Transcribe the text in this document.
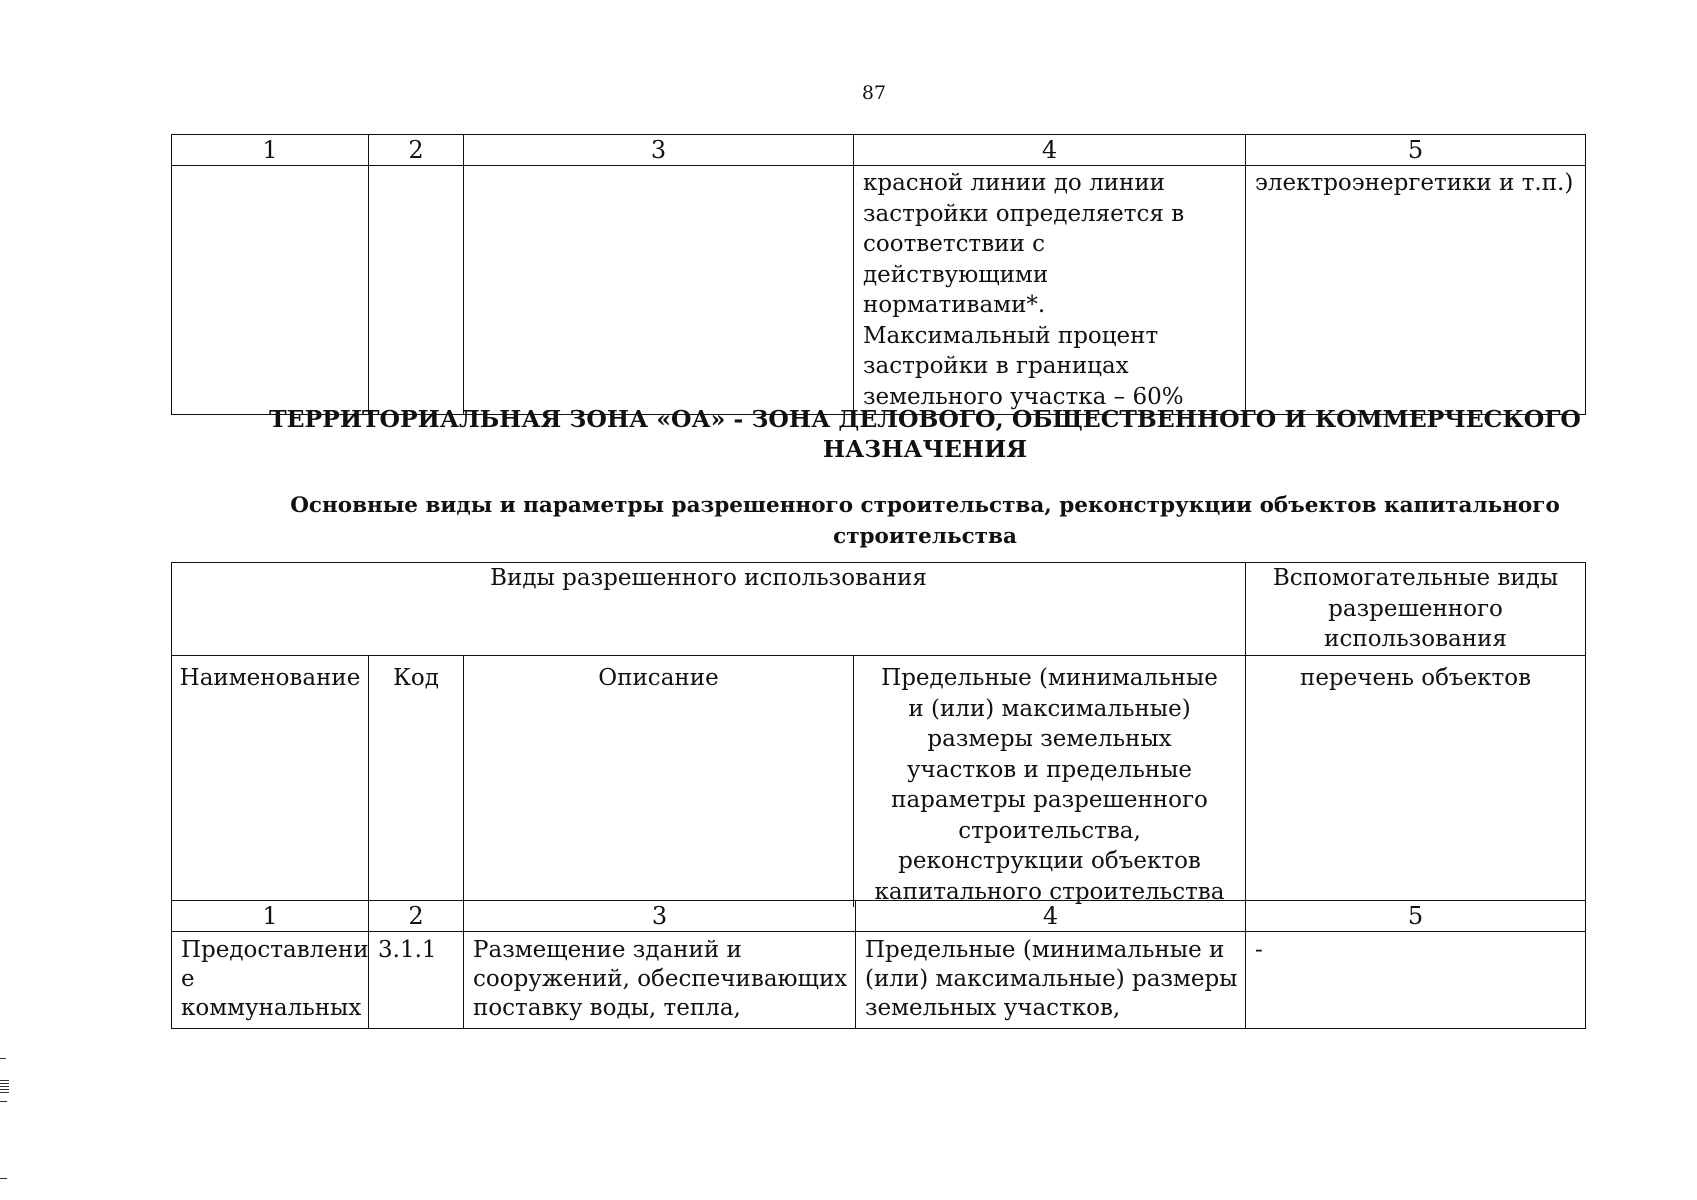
87
1	2	3	4	5

			красной линии до линии застройки определяется в соответствии с действующими нормативами*.
Максимальный процент застройки в границах земельного участка – 60%	электроэнергетики и т.п.)
ТЕРРИТОРИАЛЬНАЯ ЗОНА «ОА» - ЗОНА ДЕЛОВОГО, ОБЩЕСТВЕННОГО И КОММЕРЧЕСКОГО НАЗНАЧЕНИЯ
Основные виды и параметры разрешенного строительства, реконструкции объектов капитального строительства
Виды разрешенного использования				Вспомогательные виды разрешенного использования

Наименование	Код	Описание	Предельные (минимальные и (или) максимальные) размеры земельных участков и предельные параметры разрешенного строительства, реконструкции объектов капитального строительства	перечень объектов
1	2	3	4	5

Предоставлени
е
коммунальных	3.1.1	Размещение зданий и сооружений, обеспечивающих поставку воды, тепла,	Предельные (минимальные и (или) максимальные) размеры земельных участков,	-
